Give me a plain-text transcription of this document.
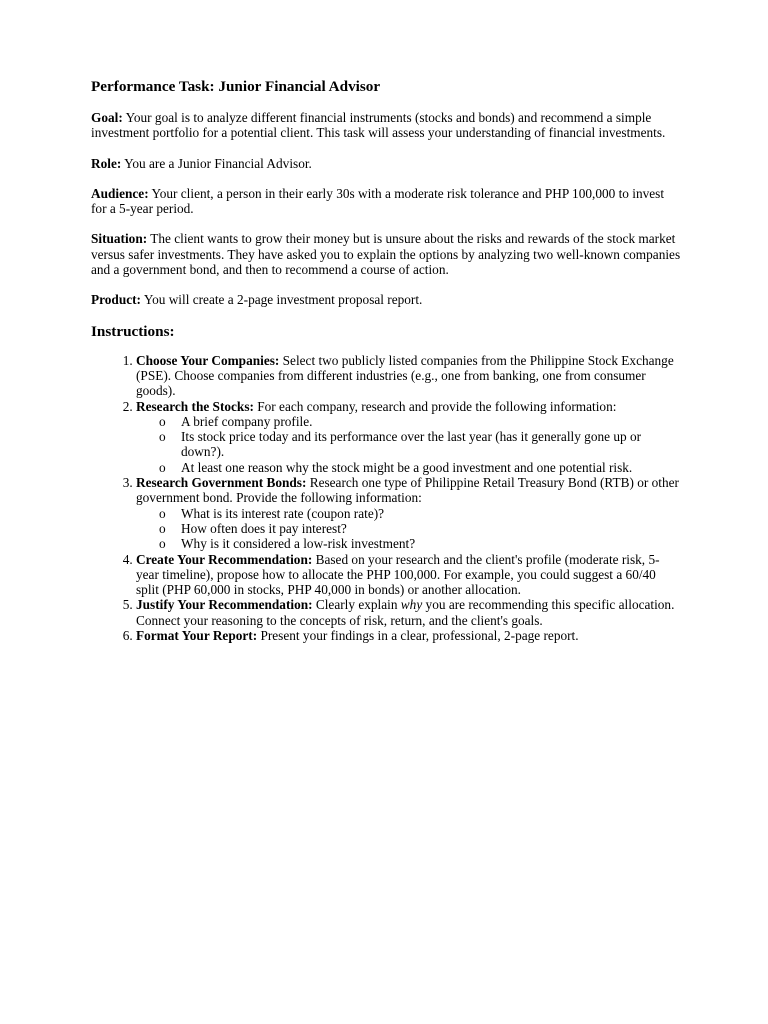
Performance Task: Junior Financial Advisor

Goal: Your goal is to analyze different financial instruments (stocks and bonds) and recommend a simple investment portfolio for a potential client. This task will assess your understanding of financial investments.

Role: You are a Junior Financial Advisor.

Audience: Your client, a person in their early 30s with a moderate risk tolerance and PHP 100,000 to invest for a 5-year period.

Situation: The client wants to grow their money but is unsure about the risks and rewards of the stock market versus safer investments. They have asked you to explain the options by analyzing two well-known companies and a government bond, and then to recommend a course of action.

Product: You will create a 2-page investment proposal report.

Instructions:
1. Choose Your Companies: Select two publicly listed companies from the Philippine Stock Exchange (PSE). Choose companies from different industries (e.g., one from banking, one from consumer goods).
2. Research the Stocks: For each company, research and provide the following information:
o A brief company profile.
o Its stock price today and its performance over the last year (has it generally gone up or down?).
o At least one reason why the stock might be a good investment and one potential risk.
3. Research Government Bonds: Research one type of Philippine Retail Treasury Bond (RTB) or other government bond. Provide the following information:
o What is its interest rate (coupon rate)?
o How often does it pay interest?
o Why is it considered a low-risk investment?
4. Create Your Recommendation: Based on your research and the client's profile (moderate risk, 5-year timeline), propose how to allocate the PHP 100,000. For example, you could suggest a 60/40 split (PHP 60,000 in stocks, PHP 40,000 in bonds) or another allocation.
5. Justify Your Recommendation: Clearly explain why you are recommending this specific allocation. Connect your reasoning to the concepts of risk, return, and the client's goals.
6. Format Your Report: Present your findings in a clear, professional, 2-page report.
